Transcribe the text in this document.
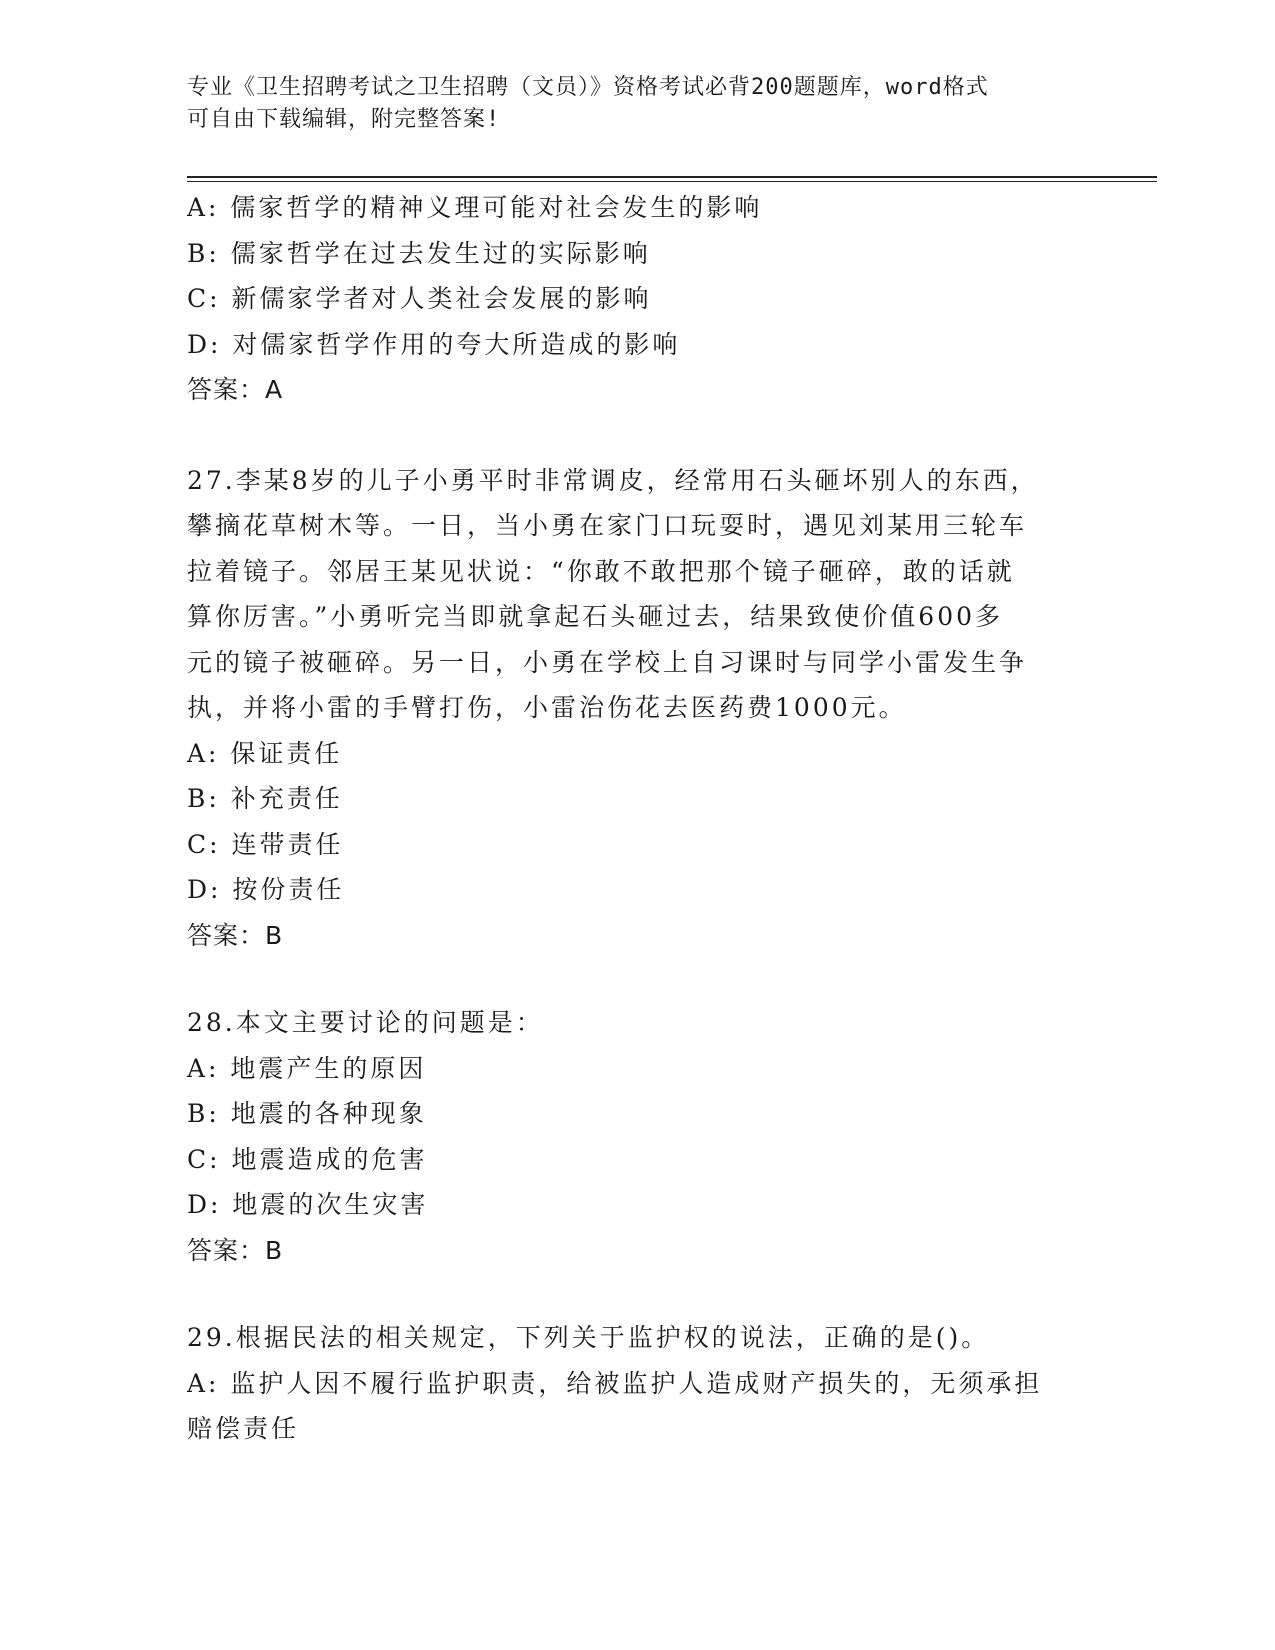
专业《卫生招聘考试之卫生招聘（文员）》资格考试必背200题题库，word格式
可自由下载编辑，附完整答案!
A: 儒家哲学的精神义理可能对社会发生的影响
B: 儒家哲学在过去发生过的实际影响
C: 新儒家学者对人类社会发展的影响
D: 对儒家哲学作用的夸大所造成的影响
答案：A
27.李某8岁的儿子小勇平时非常调皮，经常用石头砸坏别人的东西，
攀摘花草树木等。一日，当小勇在家门口玩耍时，遇见刘某用三轮车
拉着镜子。邻居王某见状说：“你敢不敢把那个镜子砸碎，敢的话就
算你厉害。”小勇听完当即就拿起石头砸过去，结果致使价值600多
元的镜子被砸碎。另一日，小勇在学校上自习课时与同学小雷发生争
执，并将小雷的手臂打伤，小雷治伤花去医药费1000元。
A: 保证责任
B: 补充责任
C: 连带责任
D: 按份责任
答案：B
28.本文主要讨论的问题是：
A: 地震产生的原因
B: 地震的各种现象
C: 地震造成的危害
D: 地震的次生灾害
答案：B
29.根据民法的相关规定，下列关于监护权的说法，正确的是()。
A: 监护人因不履行监护职责，给被监护人造成财产损失的，无须承担
赔偿责任
